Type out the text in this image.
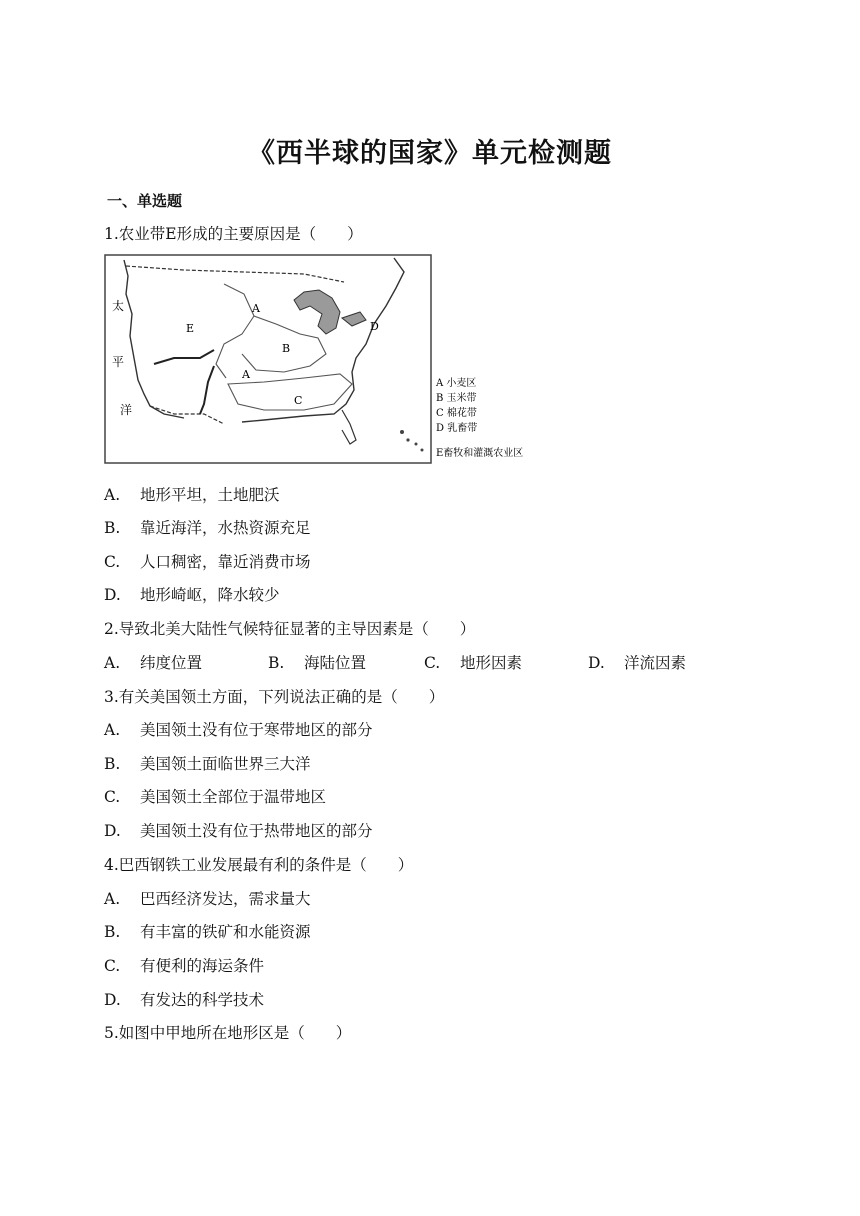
《西半球的国家》单元检测题
一、单选题
1.农业带E形成的主要原因是（　　）
太
平
洋
A
E
B
A
C
D
A 小麦区
B 玉米带
C 棉花带
D 乳畜带
E畜牧和灌溉农业区
A. 地形平坦，土地肥沃
B. 靠近海洋，水热资源充足
C. 人口稠密，靠近消费市场
D. 地形崎岖，降水较少
2.导致北美大陆性气候特征显著的主导因素是（　　）
A. 纬度位置	B. 海陆位置	C. 地形因素	D. 洋流因素
3.有关美国领土方面，下列说法正确的是（　　）
A. 美国领土没有位于寒带地区的部分
B. 美国领土面临世界三大洋
C. 美国领土全部位于温带地区
D. 美国领土没有位于热带地区的部分
4.巴西钢铁工业发展最有利的条件是（　　）
A. 巴西经济发达，需求量大
B. 有丰富的铁矿和水能资源
C. 有便利的海运条件
D. 有发达的科学技术
5.如图中甲地所在地形区是（　　）
